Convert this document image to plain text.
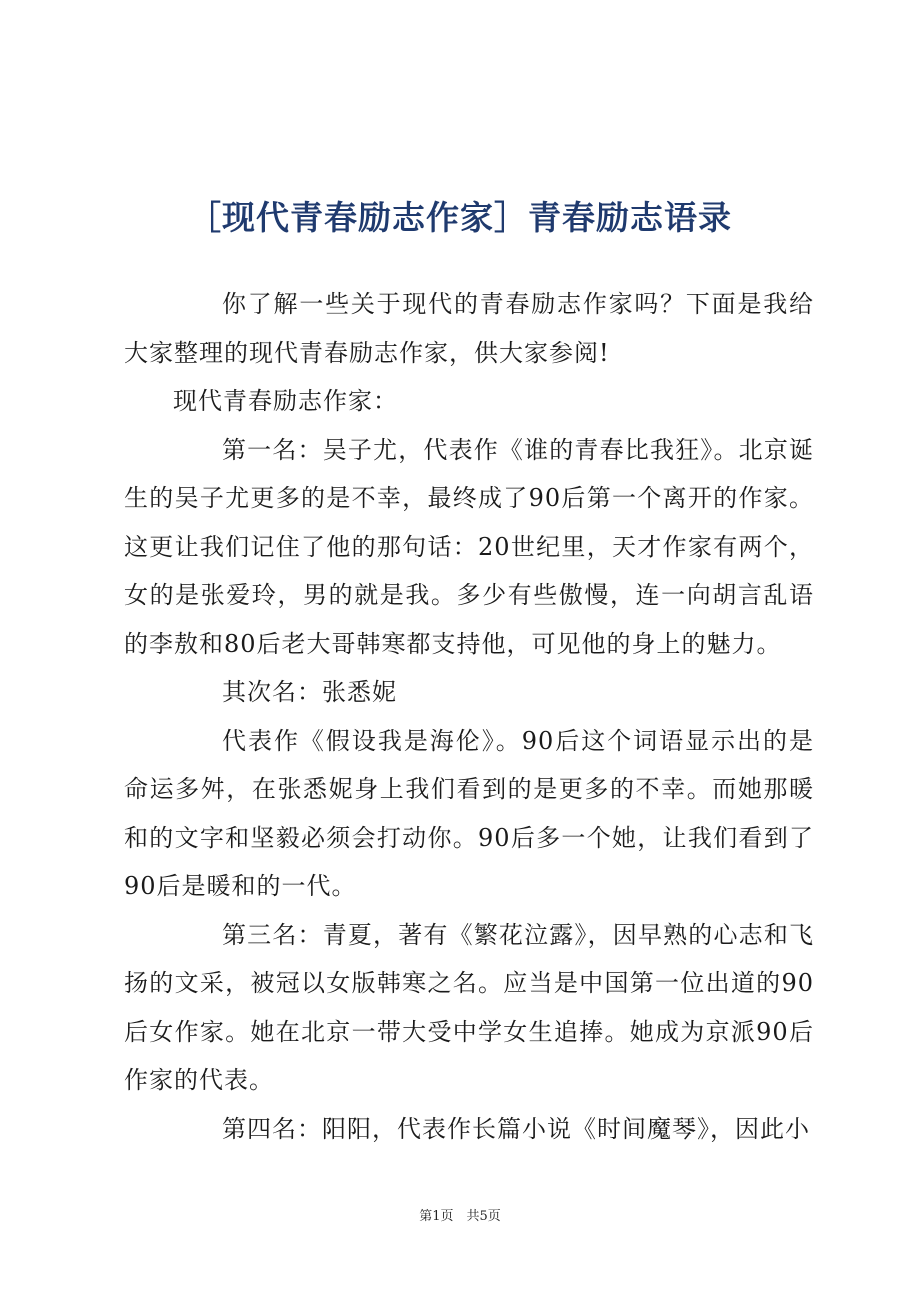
［现代青春励志作家］青春励志语录

你了解一些关于现代的青春励志作家吗？下面是我给大家整理的现代青春励志作家，供大家参阅!

现代青春励志作家：

第一名：吴子尤，代表作《谁的青春比我狂》。北京诞生的吴子尤更多的是不幸，最终成了90后第一个离开的作家。这更让我们记住了他的那句话：20世纪里，天才作家有两个，女的是张爱玲，男的就是我。多少有些傲慢，连一向胡言乱语的李敖和80后老大哥韩寒都支持他，可见他的身上的魅力。

其次名：张悉妮

代表作《假设我是海伦》。90后这个词语显示出的是命运多舛，在张悉妮身上我们看到的是更多的不幸。而她那暖和的文字和坚毅必须会打动你。90后多一个她，让我们看到了90后是暖和的一代。

第三名：青夏，著有《繁花泣露》，因早熟的心志和飞扬的文采，被冠以女版韩寒之名。应当是中国第一位出道的90后女作家。她在北京一带大受中学女生追捧。她成为京派90后作家的代表。

第四名：阳阳，代表作长篇小说《时间魔琴》，因此小

第1页　共5页
